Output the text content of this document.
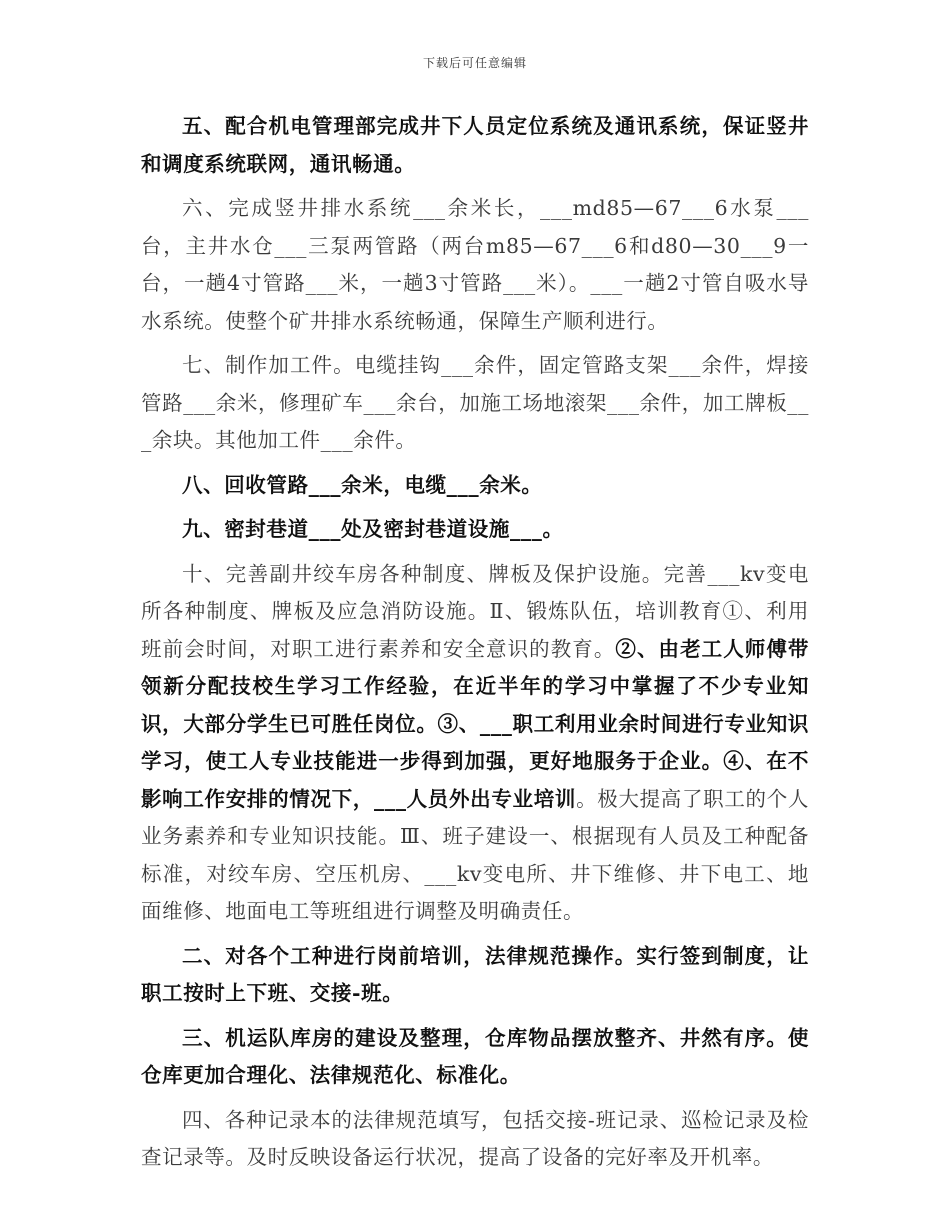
下载后可任意编辑

五、配合机电管理部完成井下人员定位系统及通讯系统，保证竖井和调度系统联网，通讯畅通。

六、完成竖井排水系统___余米长，___md85—67___6水泵___台，主井水仓___三泵两管路（两台m85—67___6和d80—30___9一台，一趟4寸管路___米，一趟3寸管路___米）。___一趟2寸管自吸水导水系统。使整个矿井排水系统畅通，保障生产顺利进行。

七、制作加工件。电缆挂钩___余件，固定管路支架___余件，焊接管路___余米，修理矿车___余台，加施工场地滚架___余件，加工牌板___余块。其他加工件___余件。

八、回收管路___余米，电缆___余米。

九、密封巷道___处及密封巷道设施___。

十、完善副井绞车房各种制度、牌板及保护设施。完善___kv变电所各种制度、牌板及应急消防设施。Ⅱ、锻炼队伍，培训教育①、利用班前会时间，对职工进行素养和安全意识的教育。②、由老工人师傅带领新分配技校生学习工作经验，在近半年的学习中掌握了不少专业知识，大部分学生已可胜任岗位。③、___职工利用业余时间进行专业知识学习，使工人专业技能进一步得到加强，更好地服务于企业。④、在不影响工作安排的情况下，___人员外出专业培训。极大提高了职工的个人业务素养和专业知识技能。Ⅲ、班子建设一、根据现有人员及工种配备标准，对绞车房、空压机房、___kv变电所、井下维修、井下电工、地面维修、地面电工等班组进行调整及明确责任。

二、对各个工种进行岗前培训，法律规范操作。实行签到制度，让职工按时上下班、交接-班。

三、机运队库房的建设及整理，仓库物品摆放整齐、井然有序。使仓库更加合理化、法律规范化、标准化。

四、各种记录本的法律规范填写，包括交接-班记录、巡检记录及检查记录等。及时反映设备运行状况，提高了设备的完好率及开机率。
